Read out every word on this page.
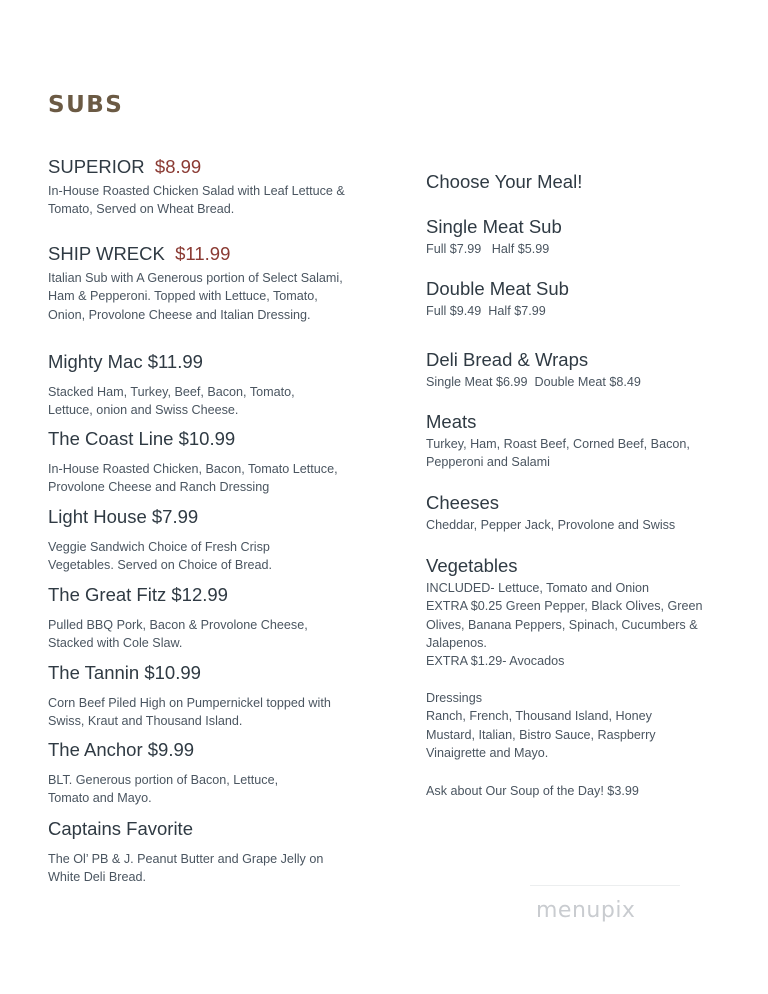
SUBS
SUPERIOR $8.99
In-House Roasted Chicken Salad with Leaf Lettuce & Tomato, Served on Wheat Bread.
SHIP WRECK $11.99
Italian Sub with A Generous portion of Select Salami, Ham & Pepperoni. Topped with Lettuce, Tomato, Onion, Provolone Cheese and Italian Dressing.
Mighty Mac $11.99
Stacked Ham, Turkey, Beef, Bacon, Tomato, Lettuce, onion and Swiss Cheese.
The Coast Line $10.99
In-House Roasted Chicken, Bacon, Tomato Lettuce, Provolone Cheese and Ranch Dressing
Light House $7.99
Veggie Sandwich Choice of Fresh Crisp Vegetables. Served on Choice of Bread.
The Great Fitz $12.99
Pulled BBQ Pork, Bacon & Provolone Cheese, Stacked with Cole Slaw.
The Tannin $10.99
Corn Beef Piled High on Pumpernickel topped with Swiss, Kraut and Thousand Island.
The Anchor $9.99
BLT. Generous portion of Bacon, Lettuce, Tomato and Mayo.
Captains Favorite
The Ol’ PB & J. Peanut Butter and Grape Jelly on White Deli Bread.
Choose Your Meal!
Single Meat Sub
Full $7.99   Half $5.99
Double Meat Sub
Full $9.49  Half $7.99
Deli Bread & Wraps
Single Meat $6.99  Double Meat $8.49
Meats
Turkey, Ham, Roast Beef, Corned Beef, Bacon, Pepperoni and Salami
Cheeses
Cheddar, Pepper Jack, Provolone and Swiss
Vegetables
INCLUDED- Lettuce, Tomato and Onion
EXTRA $0.25 Green Pepper, Black Olives, Green Olives, Banana Peppers, Spinach, Cucumbers & Jalapenos.
EXTRA $1.29- Avocados
Dressings
Ranch, French, Thousand Island, Honey Mustard, Italian, Bistro Sauce, Raspberry Vinaigrette and Mayo.
Ask about Our Soup of the Day! $3.99
menupix
